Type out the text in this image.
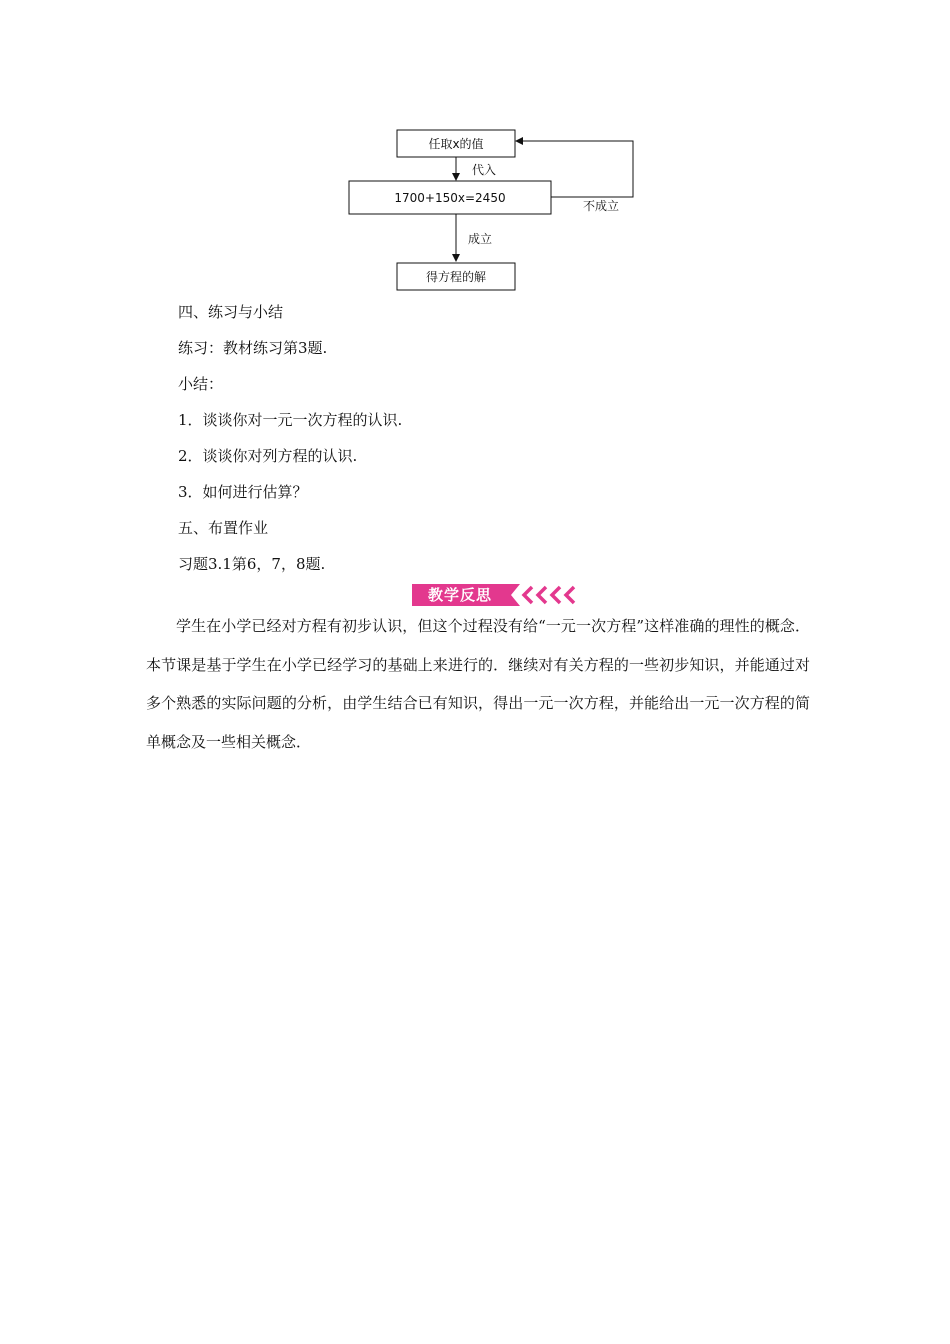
任取x的值
代入
1700+150x=2450
不成立
成立
得方程的解
四、练习与小结
练习：教材练习第3题.
小结：
1．谈谈你对一元一次方程的认识.
2．谈谈你对列方程的认识.
3．如何进行估算？
五、布置作业
习题3.1第6，7，8题.
教学反思
学生在小学已经对方程有初步认识，但这个过程没有给“一元一次方程”这样准确的理性的概念．本节课是基于学生在小学已经学习的基础上来进行的．继续对有关方程的一些初步知识，并能通过对多个熟悉的实际问题的分析，由学生结合已有知识，得出一元一次方程，并能给出一元一次方程的简单概念及一些相关概念．
